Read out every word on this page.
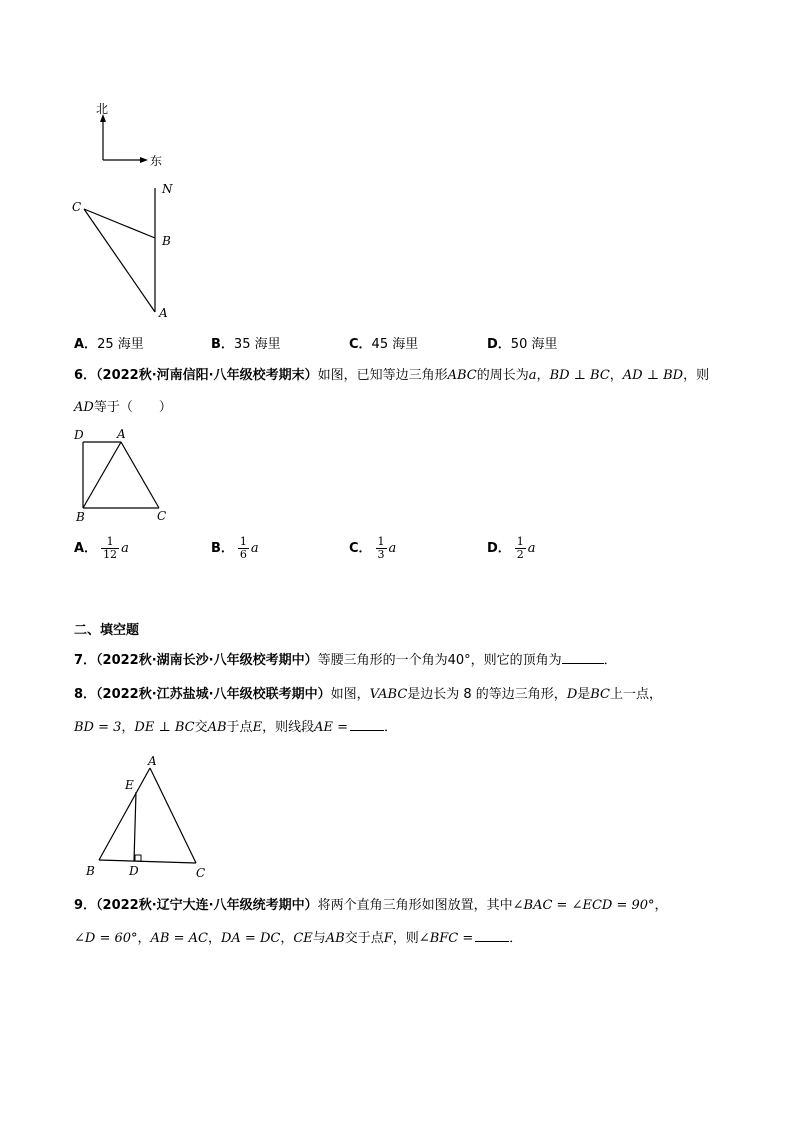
北
东
C
N
B
A
A．25 海里	B．35 海里	C．45 海里	D．50 海里
6．（2022秋·河南信阳·八年级校考期末）如图，已知等边三角形ABC的周长为a，BD ⊥ BC，AD ⊥ BD，则
AD等于（　　）
D	A
B	C
A． $\frac{1}{12}$ a	B． $\frac{1}{6}$ a	C． $\frac{1}{3}$ a	D． $\frac{1}{2}$ a
二、填空题
7．（2022秋·湖南长沙·八年级校考期中）等腰三角形的一个角为40°，则它的顶角为	．
8．（2022秋·江苏盐城·八年级校联考期中）如图，VABC是边长为 8 的等边三角形，D是BC上一点，
BD = 3，DE ⊥ BC交AB于点E，则线段AE =	．
A
E
B	D	C
9．（2022秋·辽宁大连·八年级统考期中）将两个直角三角形如图放置，其中∠BAC = ∠ECD = 90°，
∠D = 60°，AB = AC，DA = DC，CE与AB交于点F，则∠BFC =	．
